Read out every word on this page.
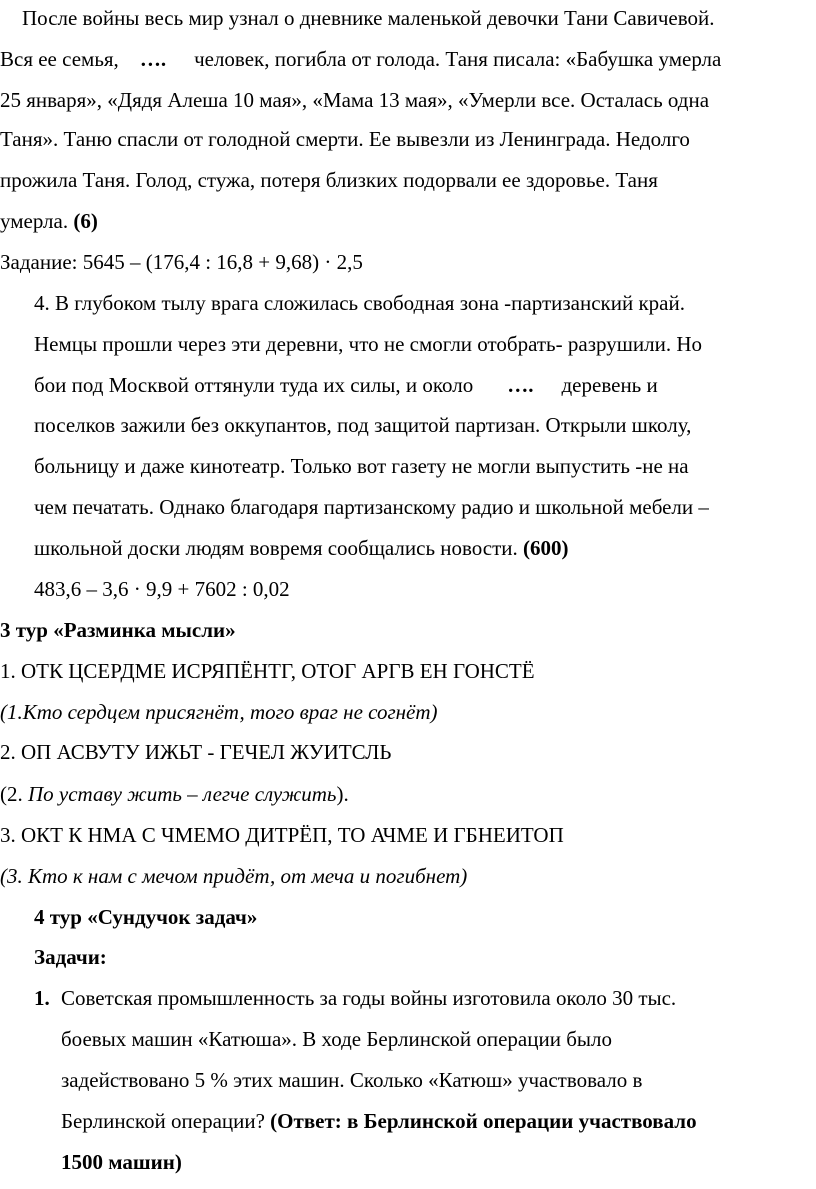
После войны весь мир узнал о дневнике маленькой девочки Тани Савичевой.
Вся ее семья, …. человек, погибла от голода. Таня писала: «Бабушка умерла
25 января», «Дядя Алеша 10 мая», «Мама 13 мая», «Умерли все. Осталась одна
Таня». Таню спасли от голодной смерти. Ее вывезли из Ленинграда. Недолго
прожила Таня. Голод, стужа, потеря близких подорвали ее здоровье. Таня
умерла. (6)
Задание: 5645 – (176,4 : 16,8 + 9,68) · 2,5
4. В глубоком тылу врага сложилась свободная зона -партизанский край.
Немцы прошли через эти деревни, что не смогли отобрать- разрушили. Но
бои под Москвой оттянули туда их силы, и около …. деревень и
поселков зажили без оккупантов, под защитой партизан. Открыли школу,
больницу и даже кинотеатр. Только вот газету не могли выпустить -не на
чем печатать. Однако благодаря партизанскому радио и школьной мебели –
школьной доски людям вовремя сообщались новости. (600)
483,6 – 3,6 · 9,9 + 7602 : 0,02
3 тур «Разминка мысли»
1. ОТК ЦСЕРДМЕ ИСРЯПЁНТГ, ОТОГ АРГВ ЕН ГОНСТЁ
(1.Кто сердцем присягнёт, того враг не согнёт)
2. ОП АСВУТУ ИЖЬТ - ГЕЧЕЛ ЖУИТСЛЬ
(2. По уставу жить – легче служить).
3. ОКТ К НМА С ЧМЕМО ДИТРЁП, ТО АЧМЕ И ГБНЕИТОП
(3. Кто к нам с мечом придёт, от меча и погибнет)
4 тур «Сундучок задач»
Задачи:
1. Советская промышленность за годы войны изготовила около 30 тыс.
боевых машин «Катюша». В ходе Берлинской операции было
задействовано 5 % этих машин. Сколько «Катюш» участвовало в
Берлинской операции? (Ответ: в Берлинской операции участвовало
1500 машин)
